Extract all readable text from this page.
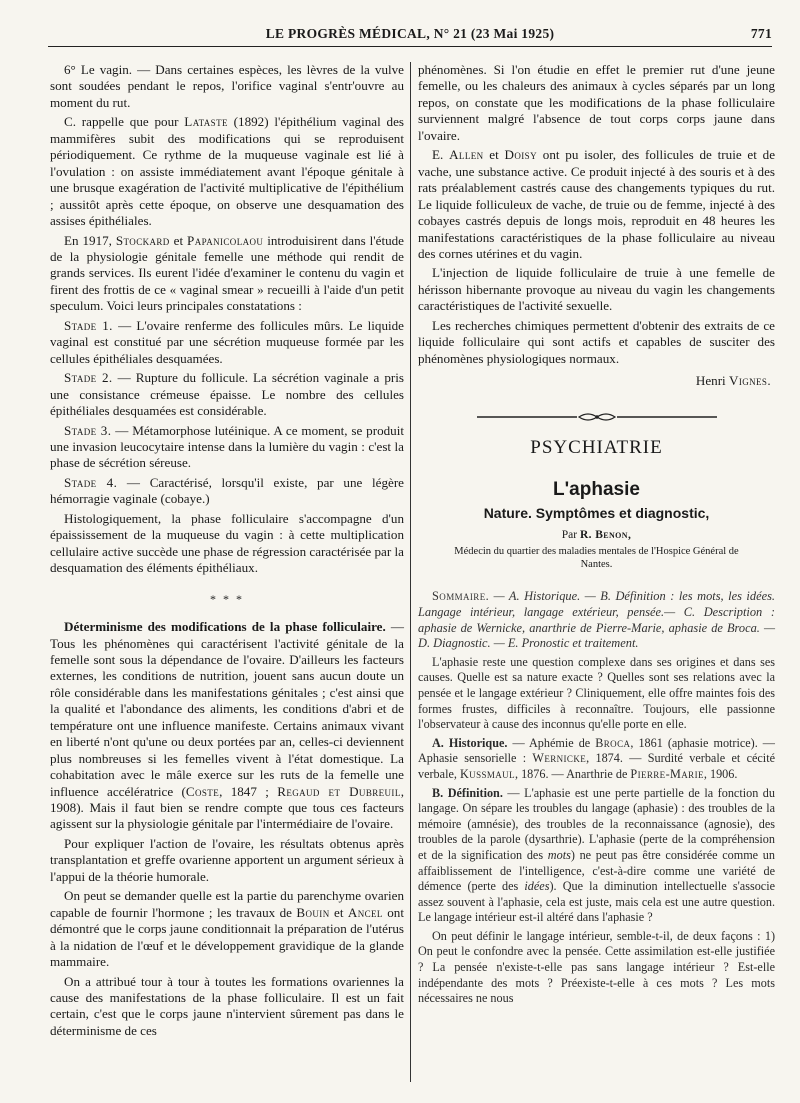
LE PROGRÈS MÉDICAL, N° 21 (23 Mai 1925)	771

6° Le vagin. — Dans certaines espèces, les lèvres de la vulve sont soudées pendant le repos, l'orifice vaginal s'entr'ouvre au moment du rut.

C. rappelle que pour Lataste (1892) l'épithélium vaginal des mammifères subit des modifications qui se reproduisent périodiquement. Ce rythme de la muqueuse vaginale est lié à l'ovulation : on assiste immédiatement avant l'époque génitale à une brusque exagération de l'activité multiplicative de l'épithélium ; aussitôt après cette époque, on observe une desquamation des assises épithéliales.

En 1917, Stockard et Papanicolaou introduisirent dans l'étude de la physiologie génitale femelle une méthode qui rendit de grands services. Ils eurent l'idée d'examiner le contenu du vagin et firent des frottis de ce « vaginal smear » recueilli à l'aide d'un petit speculum. Voici leurs principales constatations :

Stade 1. — L'ovaire renferme des follicules mûrs. Le liquide vaginal est constitué par une sécrétion muqueuse formée par les cellules épithéliales desquamées.

Stade 2. — Rupture du follicule. La sécrétion vaginale a pris une consistance crémeuse épaisse. Le nombre des cellules épithéliales desquamées est considérable.

Stade 3. — Métamorphose lutéinique. A ce moment, se produit une invasion leucocytaire intense dans la lumière du vagin : c'est la phase de sécrétion séreuse.

Stade 4. — Caractérisé, lorsqu'il existe, par une légère hémorragie vaginale (cobaye.)

Histologiquement, la phase folliculaire s'accompagne d'un épaississement de la muqueuse du vagin : à cette multiplication cellulaire active succède une phase de régression caractérisée par la desquamation des éléments épithéliaux.

* * *

Déterminisme des modifications de la phase folliculaire. — Tous les phénomènes qui caractérisent l'activité génitale de la femelle sont sous la dépendance de l'ovaire. D'ailleurs les facteurs externes, les conditions de nutrition, jouent sans aucun doute un rôle considérable dans les manifestations génitales ; c'est ainsi que la qualité et l'abondance des aliments, les conditions d'abri et de température ont une influence manifeste. Certains animaux vivant en liberté n'ont qu'une ou deux portées par an, celles-ci deviennent plus nombreuses si les femelles vivent à l'état domestique. La cohabitation avec le mâle exerce sur les ruts de la femelle une influence accélératrice (Coste, 1847 ; Regaud et Dubreuil, 1908). Mais il faut bien se rendre compte que tous ces facteurs agissent sur la physiologie génitale par l'intermédiaire de l'ovaire.

Pour expliquer l'action de l'ovaire, les résultats obtenus après transplantation et greffe ovarienne apportent un argument sérieux à l'appui de la théorie humorale.

On peut se demander quelle est la partie du parenchyme ovarien capable de fournir l'hormone ; les travaux de Bouin et Ancel ont démontré que le corps jaune conditionnait la préparation de l'utérus à la nidation de l'œuf et le développement gravidique de la glande mammaire.

On a attribué tour à tour à toutes les formations ovariennes la cause des manifestations de la phase folliculaire. Il est un fait certain, c'est que le corps jaune n'intervient sûrement pas dans le déterminisme de ces

phénomènes. Si l'on étudie en effet le premier rut d'une jeune femelle, ou les chaleurs des animaux à cycles séparés par un long repos, on constate que les modifications de la phase folliculaire surviennent malgré l'absence de tout corps corps jaune dans l'ovaire.

E. Allen et Doisy ont pu isoler, des follicules de truie et de vache, une substance active. Ce produit injecté à des souris et à des rats préalablement castrés cause des changements typiques du rut. Le liquide folliculeux de vache, de truie ou de femme, injecté à des cobayes castrés depuis de longs mois, reproduit en 48 heures les manifestations caractéristiques de la phase folliculaire au niveau des cornes utérines et du vagin.

L'injection de liquide folliculaire de truie à une femelle de hérisson hibernante provoque au niveau du vagin les changements caractéristiques de l'activité sexuelle.

Les recherches chimiques permettent d'obtenir des extraits de ce liquide folliculaire qui sont actifs et capables de susciter des phénomènes physiologiques normaux.

Henri Vignes.
PSYCHIATRIE
L'aphasie
Nature. Symptômes et diagnostic,
Par R. Benon,
Médecin du quartier des maladies mentales de l'Hospice Général de Nantes.

Sommaire. — A. Historique. — B. Définition : les mots, les idées. Langage intérieur, langage extérieur, pensée.— C. Description : aphasie de Wernicke, anarthrie de Pierre-Marie, aphasie de Broca. — D. Diagnostic. — E. Pronostic et traitement.

L'aphasie reste une question complexe dans ses origines et dans ses causes. Quelle est sa nature exacte ? Quelles sont ses relations avec la pensée et le langage extérieur ? Cliniquement, elle offre maintes fois des formes frustes, difficiles à reconnaître. Toujours, elle passionne l'observateur à cause des inconnus qu'elle porte en elle.

A. Historique. — Aphémie de Broca, 1861 (aphasie motrice). — Aphasie sensorielle : Wernicke, 1874. — Surdité verbale et cécité verbale, Kussmaul, 1876. — Anarthrie de Pierre-Marie, 1906.

B. Définition. — L'aphasie est une perte partielle de la fonction du langage. On sépare les troubles du langage (aphasie) : des troubles de la mémoire (amnésie), des troubles de la reconnaissance (agnosie), des troubles de la parole (dysarthrie). L'aphasie (perte de la compréhension et de la signification des mots) ne peut pas être considérée comme un affaiblissement de l'intelligence, c'est-à-dire comme une variété de démence (perte des idées). Que la diminution intellectuelle s'associe assez souvent à l'aphasie, cela est juste, mais cela est une autre question. Le langage intérieur est-il altéré dans l'aphasie ?

On peut définir le langage intérieur, semble-t-il, de deux façons : 1) On peut le confondre avec la pensée. Cette assimilation est-elle justifiée ? La pensée n'existe-t-elle pas sans langage intérieur ? Est-elle indépendante des mots ? Préexiste-t-elle à ces mots ? Les mots nécessaires ne nous
